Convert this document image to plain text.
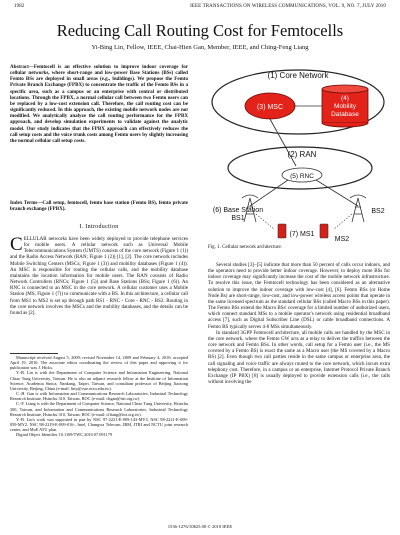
1982	IEEE TRANSACTIONS ON WIRELESS COMMUNICATIONS, VOL. 9, NO. 7, JULY 2010
Reducing Call Routing Cost for Femtocells
Yi-Bing Lin, Fellow, IEEE, Chai-Hien Gan, Member, IEEE, and Ching-Feng Liang

Abstract—Femtocell is an effective solution to improve indoor coverage for cellular networks, where short-range and low-power Base Stations (BSs) called Femto BSs are deployed in small areas (e.g., buildings). We propose the Femto Private Branch Exchange (FPBX) to concentrate the traffic of the Femto BSs in a specific area, such as a campus or an enterprise with central or distributed locations. Through the FPBX, a normal cellular call between two Femto users can be replaced by a low-cost extension call. Therefore, the call routing cost can be significantly reduced. In this approach, the existing mobile network nodes are not modified. We analytically analyze the call routing performance for the FPBX approach, and develop simulation experiments to validate against the analytic model. Our study indicates that the FPBX approach can effectively reduces the call setup costs and the voice trunk costs among Femto users by slightly increasing the normal cellular call setup costs.

Index Terms—Call setup, femtocell, femto base station (Femto BS), femto private branch exchange (FPBX).

I. Introduction
C ELLULAR networks have been widely deployed to provide telephone services for mobile users. A cellular network such as Universal Mobile Telecommunications System (UMTS) consists of the core network (Figure 1 (1)) and the Radio Access Network (RAN; Figure 1 (2)) [1], [2]. The core network includes Mobile Switching Centers (MSCs; Figure 1 (3)) and mobility databases (Figure 1 (4)). An MSC is responsible for routing the cellular calls, and the mobility database maintains the location information for mobile users. The RAN consists of Radio Network Controllers (RNCs; Figure 1 (5)) and Base Stations (BSs; Figure 1 (6)). An RNC is connected to an MSC in the core network. A cellular customer uses a Mobile Station (MS; Figure 1 (7)) to communicate with a BS. In this architecture, a cellular call from MS1 to MS2 is set up through path BS1 - RNC - Core - RNC - BS2. Routing in the core network involves the MSCs and the mobility databases, and the details can be found as [2].

Manuscript received August 5, 2009; revised November 14, 2009 and February 4, 2010; accepted April 19, 2010. The associate editor coordinating the review of this paper and approving it for publication was J. Hicks.

Y.-B. Lin is with the Department of Computer Science and Information Engineering, National Chiao Tung University, Taiwan. He is also an adjunct research fellow at the Institute of Information Science, Academia Sinica, Nankang, Taipei, Taiwan, and consultant professor of Beijing Jiaotong University, Beijing, China (e-mail: liny@csie.nctu.edu.tw).

C.-H. Gan is with Information and Communications Research Laboratories, Industrial Technology Research Institute, Hsinchu 310, Taiwan, ROC (e-mail: chgan@itri.org.tw).

C.-F. Liang is with the Department of Computer Science, National Chiao Tung University, Hsinchu 300, Taiwan, and Information and Communications Research Laboratories, Industrial Technology Research Institute, Hsinchu 310, Taiwan, ROC (e-mail: cfliang@itri.org.tw).

Y.-B. Lin's work was supported in part by NSC 97-2221-E-009-143-MY3, NSC 98-2221-E-009-059-MY2, NSC 98-2219-E-009-016-, Intel, Chungwa Telecom, IBM, ITRI and NCTU joint research center, and MoE ATU plan.

Digital Object Identifier 10.1109/TWC.2010.07.091179

(1) Core Network
(3) MSC
(4)
Mobility
Database
(2) RAN
(5) RNC
(6) Base Station
BS1
BS2
(7) MS1
MS2
Fig. 1. Cellular network architecture.

Several studies [3]–[5] indicate that more than 50 percent of calls occur indoors, and the operators need to provide better indoor coverage. However, to deploy more BSs for indoor coverage may significantly increase the cost of the mobile network infrastructure. To resolve this issue, the Femtocell technology has been considered as an alternative solution to improve the indoor coverage with low-cost [4], [6]. Femto BSs (or Home Node Bs) are short-range, low-cost, and low-power wireless access points that operate in the same licensed spectrum as the standard cellular BSs (called Macro BSs in this paper). The Femto BSs extend the Macro BSs' coverage for a limited number of authorized users, which connect standard MSs to a mobile operator's network using residential broadband access [7], such as Digital Subscriber Line (DSL) or cable broadband connections. A Femto BS typically serves 4-8 MSs simultaneously.

In standard 3GPP Femtocell architecture, all mobile calls are handled by the MSC in the core network, where the Femto GW acts as a relay to deliver the traffics between the core network and Femto BSs. In other words, call setup for a Femto user (i.e., the MS covered by a Femto BS) is exact the same as a Macro user (the MS covered by a Macro BS) [2]. Even though two call parties reside in the same campus or enterprise area, the call signaling and voice traffic are always routed to the core network, which incurs extra telephony cost. Therefore, in a campus or an enterprise, Internet Protocol Private Branch Exchange (IP PBX) [8] is usually deployed to provide extension calls (i.e., the calls without involving the

1536-1276/10$25.00 © 2010 IEEE
